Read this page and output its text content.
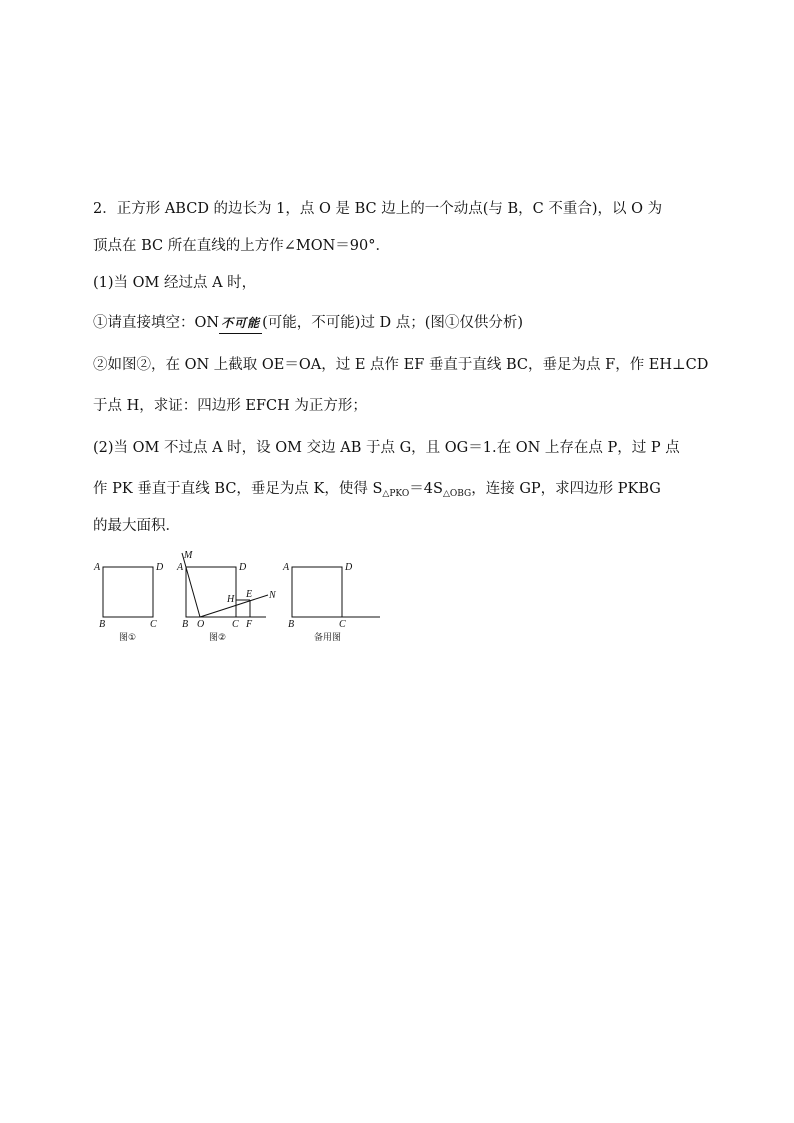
2．正方形 ABCD 的边长为 1，点 O 是 BC 边上的一个动点(与 B，C 不重合)，以 O 为
顶点在 BC 所在直线的上方作∠MON＝90°．
(1)当 OM 经过点 A 时，
①请直接填空：ON 不可能 (可能，不可能)过 D 点；(图①仅供分析)
②如图②，在 ON 上截取 OE＝OA，过 E 点作 EF 垂直于直线 BC，垂足为点 F，作 EH⊥CD
于点 H，求证：四边形 EFCH 为正方形；
(2)当 OM 不过点 A 时，设 OM 交边 AB 于点 G，且 OG＝1.在 ON 上存在点 P，过 P 点
作 PK 垂直于直线 BC，垂足为点 K，使得 $S_{\triangle PKO}=4S_{\triangle OBG}$，连接 GP，求四边形 PKBG
的最大面积．
A	D
B	C
图①
M
A	D
E
H	N
B O	C F
图②
A	D
B	C
备用图
